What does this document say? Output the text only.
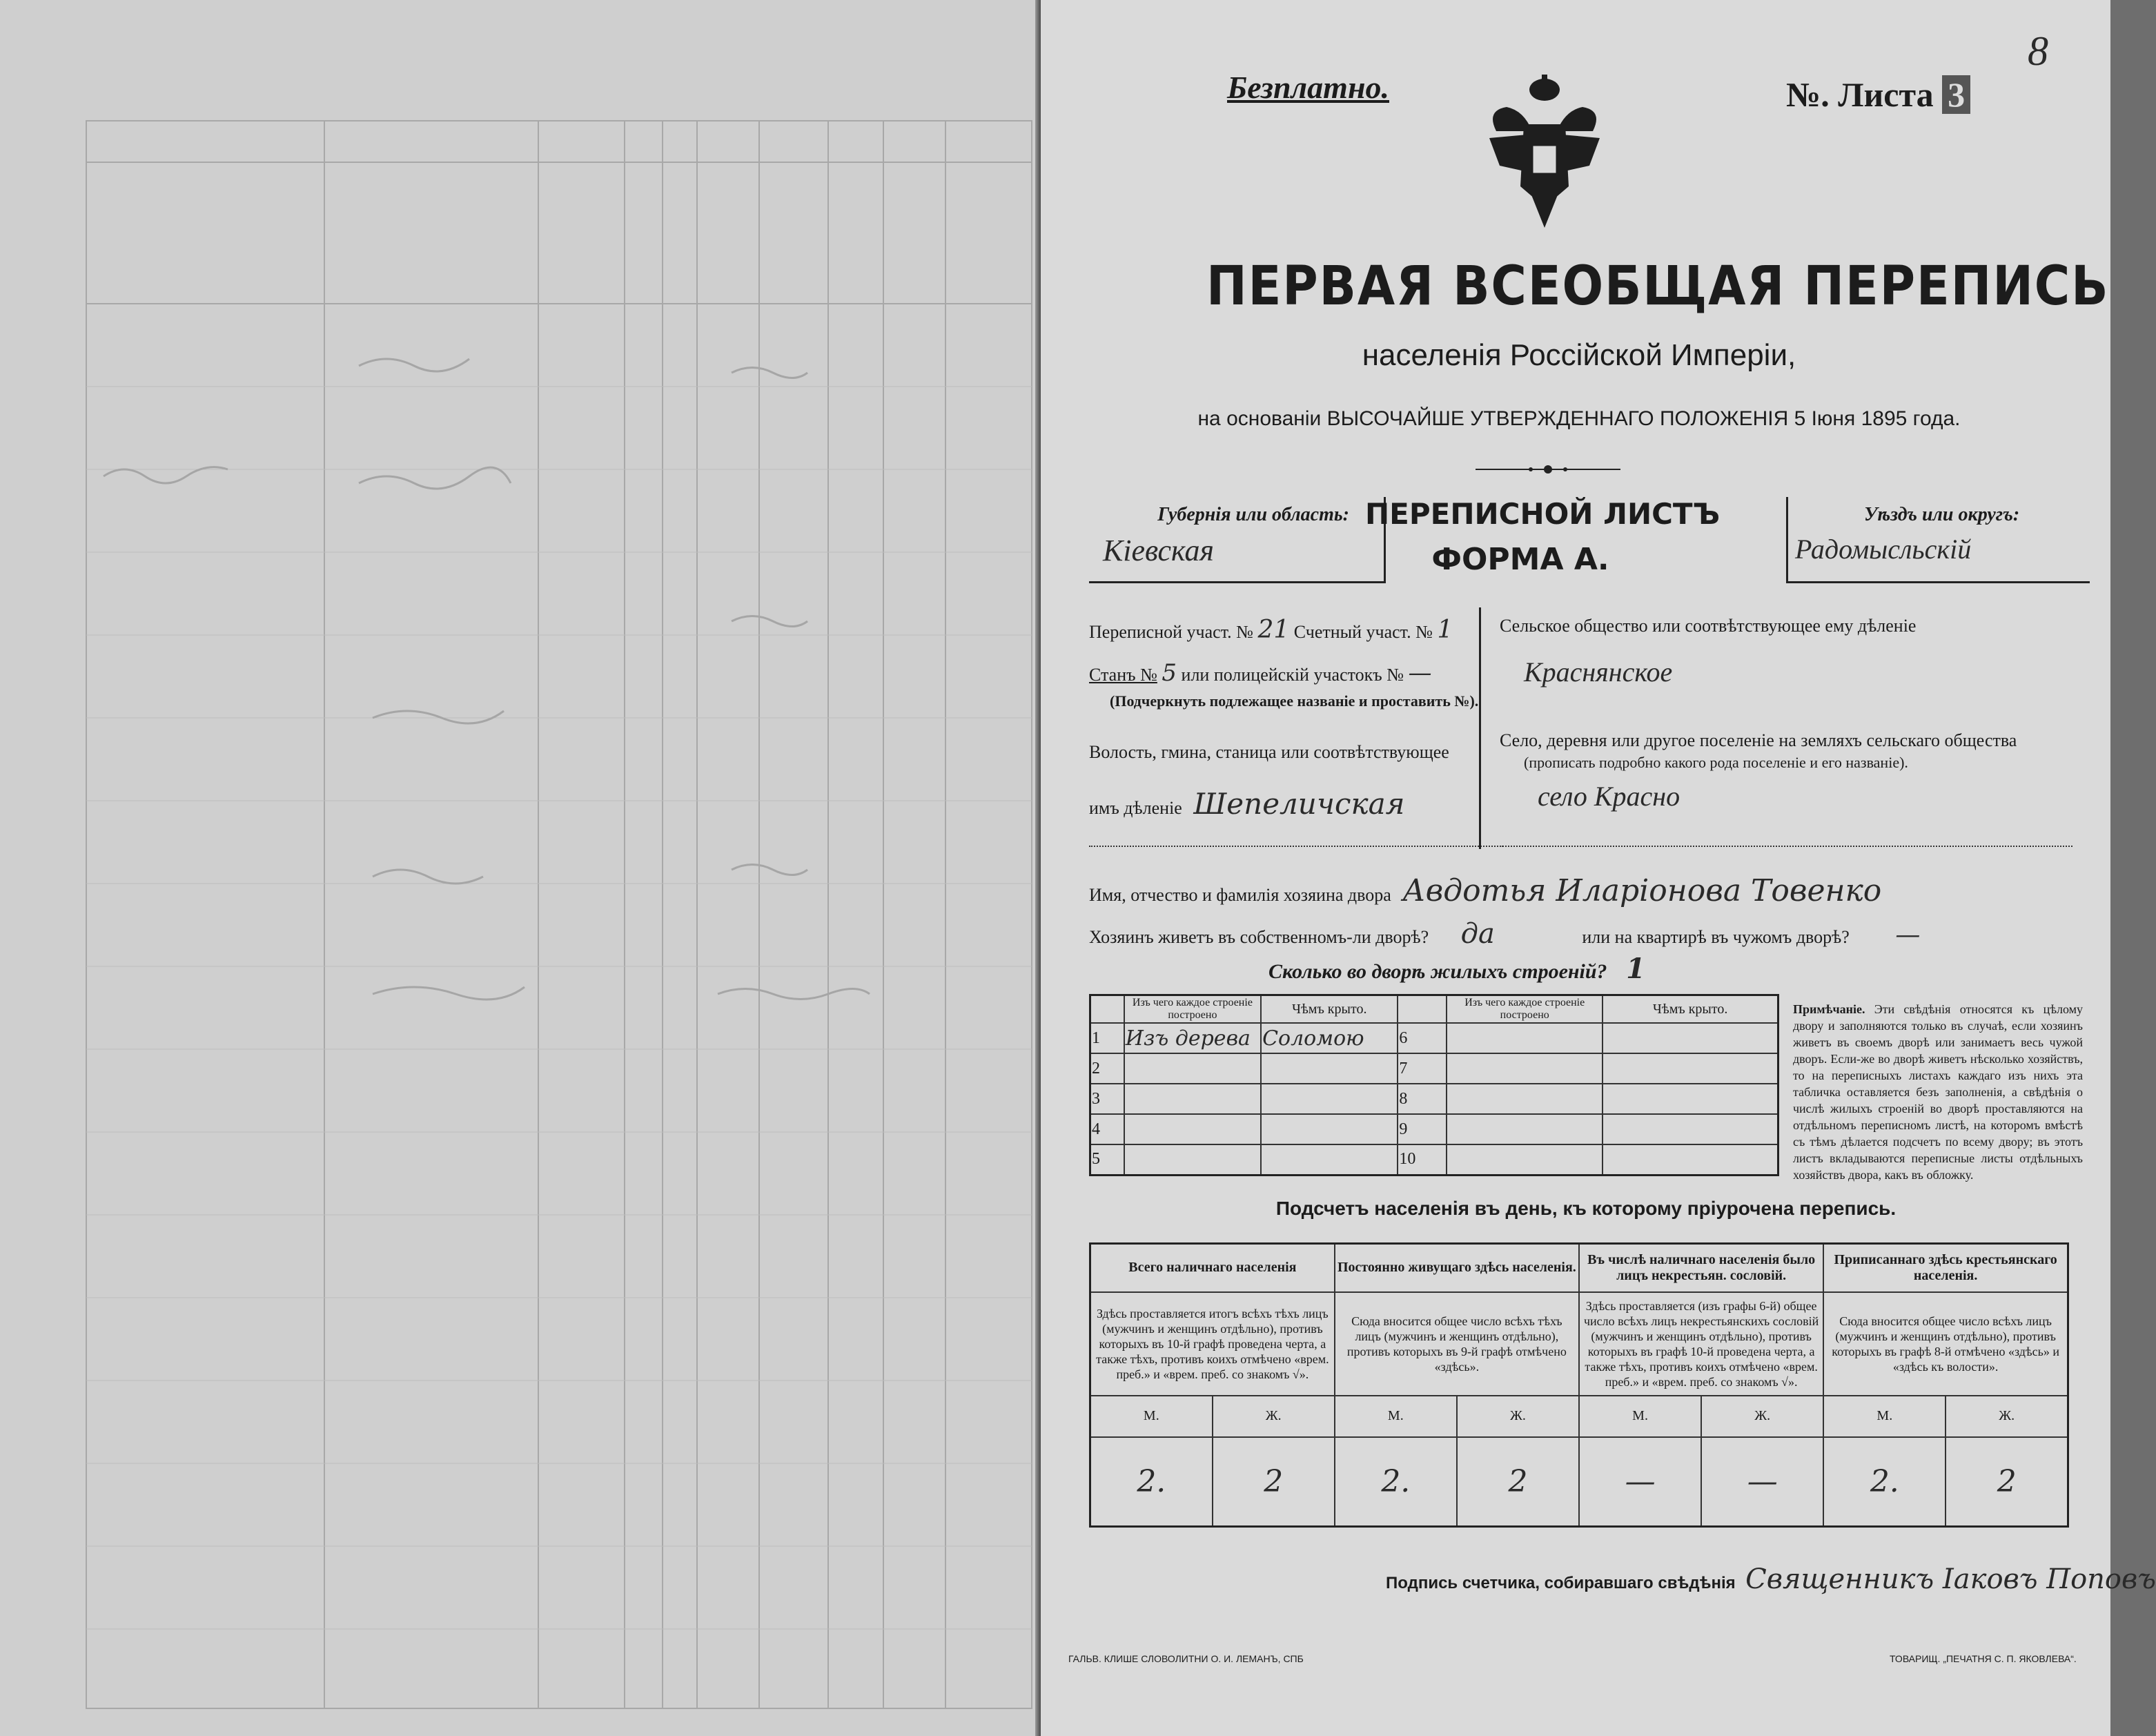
Безплатно.	№. Листа 3
8
ПЕРВАЯ ВСЕОБЩАЯ ПЕРЕПИСЬ
населенія Россійской Имперіи,
на основаніи ВЫСОЧАЙШЕ УТВЕРЖДЕННАГО ПОЛОЖЕНІЯ 5 Іюня 1895 года.
Губернія или область:
Кіевская
ПЕРЕПИСНОЙ ЛИСТЪ
ФОРМА А.
Уѣздъ или округъ:
Радомысльскій
Переписной участ. № 21 Счетный участ. № 1
Станъ № 5 или полицейскій участокъ № —
(Подчеркнуть подлежащее названіе и проставить №).
Волость, гмина, станица или соотвѣтствующее
имъ дѣленіе Шепеличская
Сельское общество или соотвѣтствующее ему дѣленіе
Краснянское
Село, деревня или другое поселеніе на земляхъ сельскаго общества
(прописать подробно какого рода поселеніе и его названіе).
село Красно
Имя, отчество и фамилія хозяина двора Авдотья Иларіонова Товенко
Хозяинъ живетъ въ собственномъ-ли дворѣ? да	или на квартирѣ въ чужомъ дворѣ? —
Сколько во дворѣ жилыхъ строеній? 1
	Изъ чего каждое строеніе построено	Чѣмъ крыто.		Изъ чего каждое строеніе построено	Чѣмъ крыто.
1	Изъ дерева	Соломою	6		
2			7		
3			8		
4			9		
5			10		
Примѣчаніе. Эти свѣдѣнія относятся къ цѣлому двору и заполняются только въ случаѣ, если хозяинъ живетъ въ своемъ дворѣ или занимаетъ весь чужой дворъ. Если-же во дворѣ живетъ нѣсколько хозяйствъ, то на переписныхъ листахъ каждаго изъ нихъ эта табличка оставляется безъ заполненія, а свѣдѣнія о числѣ жилыхъ строеній во дворѣ проставляются на отдѣльномъ переписномъ листѣ, на которомъ вмѣстѣ съ тѣмъ дѣлается подсчетъ по всему двору; въ этотъ листъ вкладываются переписные листы отдѣльныхъ хозяйствъ двора, какъ въ обложку.
Подсчетъ населенія въ день, къ которому пріурочена перепись.
Всего наличнаго населенія		Постоянно живущаго здѣсь населенія.		Въ числѣ наличнаго населенія было лицъ некрестьян. сословій.		Приписаннаго здѣсь крестьянскаго населенія.	
Здѣсь проставляется итогъ всѣхъ тѣхъ лицъ (мужчинъ и женщинъ отдѣльно), противъ которыхъ въ 10-й графѣ проведена черта, а также тѣхъ, противъ коихъ отмѣчено «врем. преб.» и «врем. преб. со знакомъ √».		Сюда вносится общее число всѣхъ тѣхъ лицъ (мужчинъ и женщинъ отдѣльно), противъ которыхъ въ 9-й графѣ отмѣчено «здѣсь».		Здѣсь проставляется (изъ графы 6-й) общее число всѣхъ лицъ некрестьянскихъ сословій (мужчинъ и женщинъ отдѣльно), противъ которыхъ въ графѣ 10-й проведена черта, а также тѣхъ, противъ коихъ отмѣчено «врем. преб.» и «врем. преб. со знакомъ √».		Сюда вносится общее число всѣхъ лицъ (мужчинъ и женщинъ отдѣльно), противъ которыхъ въ графѣ 8-й отмѣчено «здѣсь» и «здѣсь къ волости».	
М.	Ж.	М.	Ж.	М.	Ж.	М.	Ж.
2.	2	2.	2	—	—	2.	2
Подпись счетчика, собиравшаго свѣдѣнія Священникъ Іаковъ Поповъ
ГАЛЬВ. КЛИШЕ СЛОВОЛИТНИ О. И. ЛЕМАНЪ, СПБ	ТОВАРИЩ. „ПЕЧАТНЯ С. П. ЯКОВЛЕВА“.
